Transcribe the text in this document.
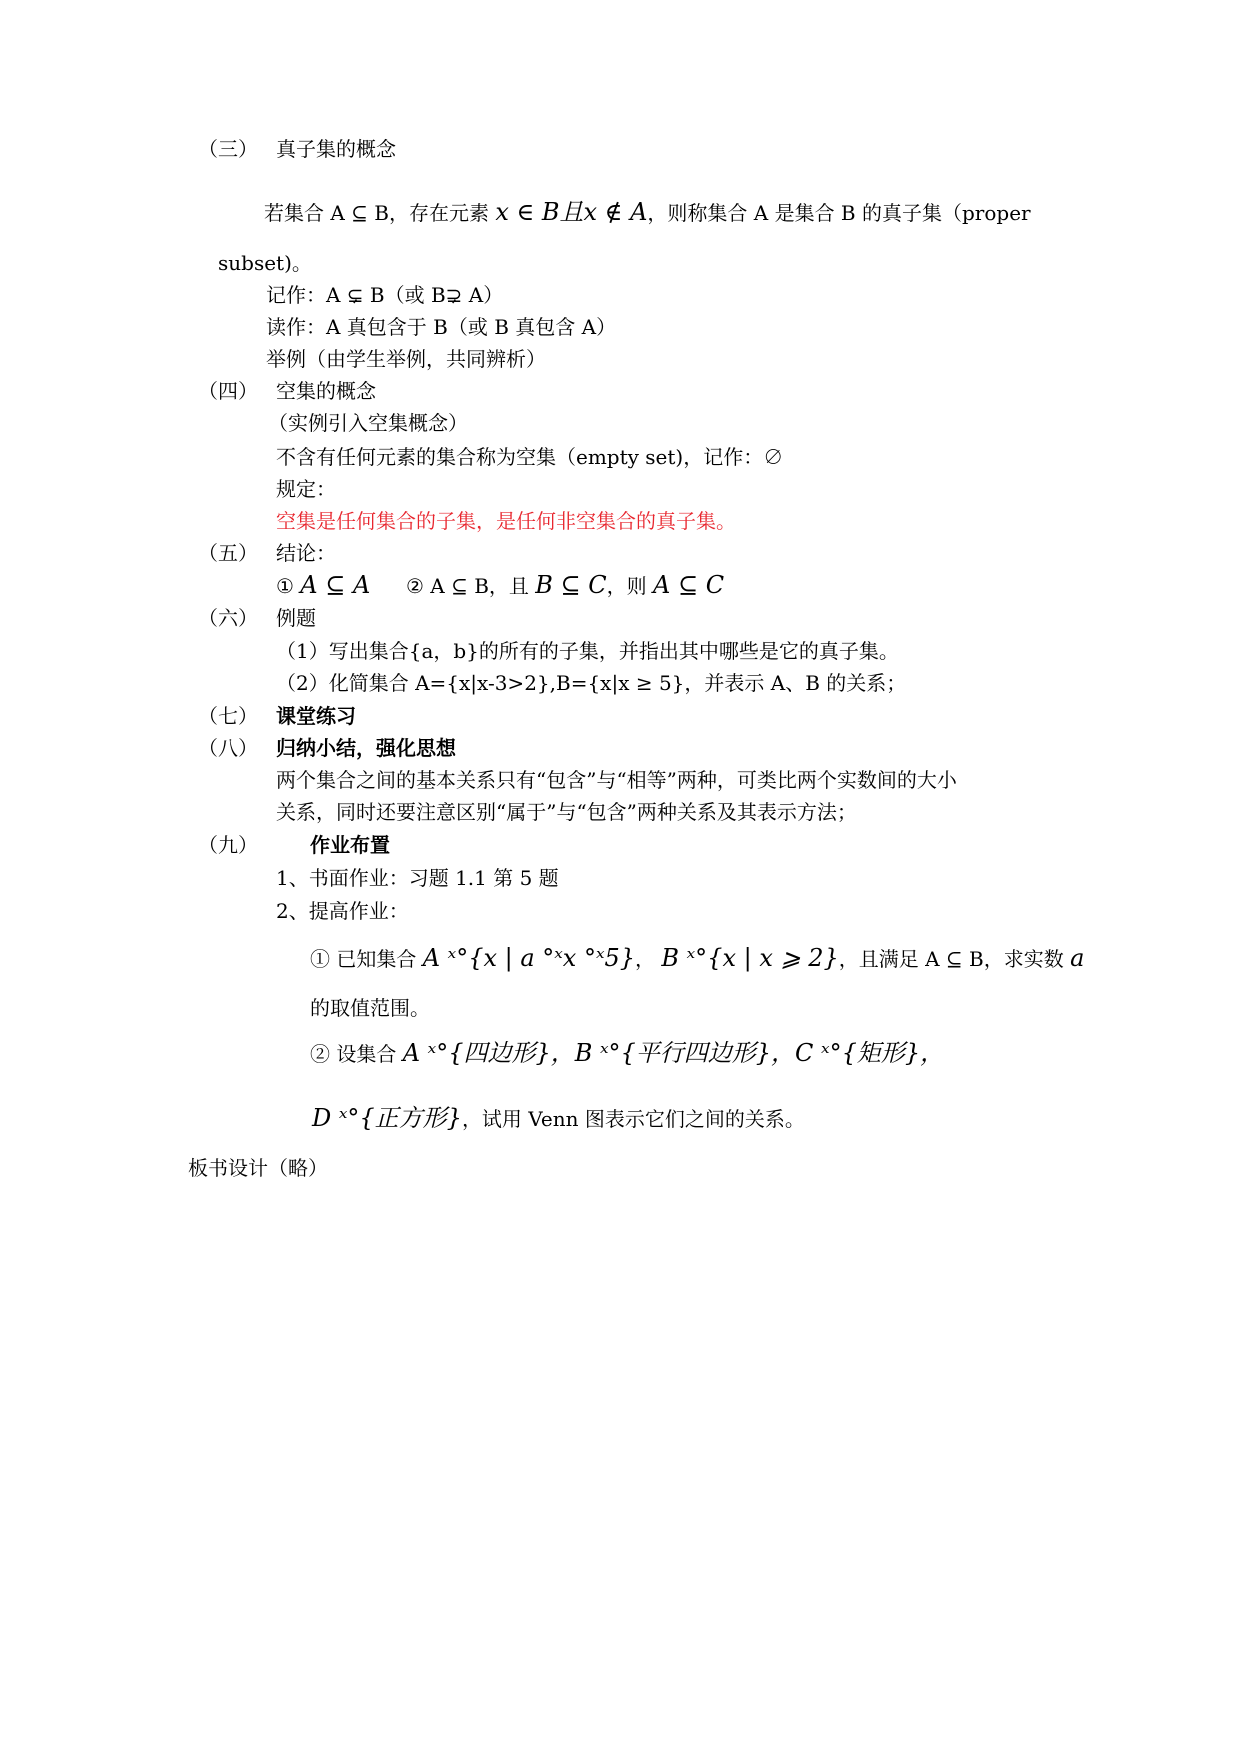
（三） 真子集的概念
若集合 A ⊆ B，存在元素 x ∈ B且x ∉ A，则称集合 A 是集合 B 的真子集（proper
subset)。
记作：A ⊊ B（或 B⊋ A）
读作：A 真包含于 B（或 B 真包含 A）
举例（由学生举例，共同辨析）
（四） 空集的概念
（实例引入空集概念）
不含有任何元素的集合称为空集（empty set)，记作：∅
规定：
空集是任何集合的子集，是任何非空集合的真子集。
（五） 结论：
① A ⊆ A ② A ⊆ B，且 B ⊆ C，则 A ⊆ C
（六） 例题
（1）写出集合{a，b}的所有的子集，并指出其中哪些是它的真子集。
（2）化简集合 A={x|x-3>2},B={x|x ≥ 5}，并表示 A、B 的关系；
（七） 课堂练习
（八） 归纳小结，强化思想
两个集合之间的基本关系只有“包含”与“相等”两种，可类比两个实数间的大小
关系，同时还要注意区别“属于”与“包含”两种关系及其表示方法；
（九）	作业布置
1、书面作业：习题 1.1 第 5 题
2、提高作业：
① 已知集合 A ˣ°{x | a °ˣx °ˣ5}， B ˣ°{x | x ⩾ 2}，且满足 A ⊆ B，求实数 a
的取值范围。
② 设集合 A ˣ°{四边形}，B ˣ°{平行四边形}，C ˣ°{矩形}，
D ˣ°{正方形}，试用 Venn 图表示它们之间的关系。
板书设计（略）
